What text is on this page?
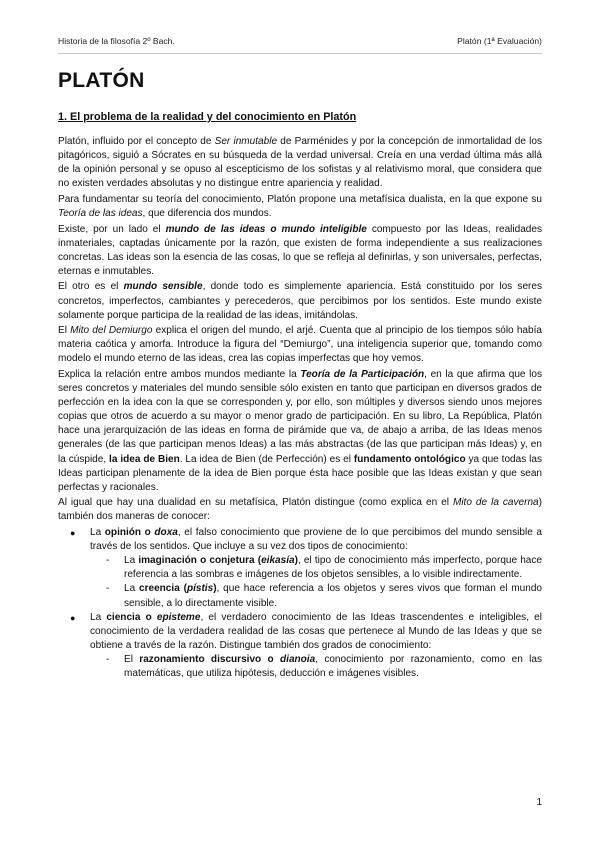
Historia de la filosofía 2º Bach.	Platón (1ª Evaluación)
PLATÓN
1. El problema de la realidad y del conocimiento en Platón

Platón, influido por el concepto de Ser inmutable de Parménides y por la concepción de inmortalidad de los pitagóricos, siguió a Sócrates en su búsqueda de la verdad universal. Creía en una verdad última más allá de la opinión personal y se opuso al escepticismo de los sofistas y al relativismo moral, que considera que no existen verdades absolutas y no distingue entre apariencia y realidad.

Para fundamentar su teoría del conocimiento, Platón propone una metafísica dualista, en la que expone su Teoría de las ideas, que diferencia dos mundos.

Existe, por un lado el mundo de las ideas o mundo inteligible compuesto por las Ideas, realidades inmateriales, captadas únicamente por la razón, que existen de forma independiente a sus realizaciones concretas. Las ideas son la esencia de las cosas, lo que se refleja al definirlas, y son universales, perfectas, eternas e inmutables.

El otro es el mundo sensible, donde todo es simplemente apariencia. Está constituido por los seres concretos, imperfectos, cambiantes y perecederos, que percibimos por los sentidos. Este mundo existe solamente porque participa de la realidad de las ideas, imitándolas.

El Mito del Demiurgo explica el origen del mundo, el arjé. Cuenta que al principio de los tiempos sólo había materia caótica y amorfa. Introduce la figura del “Demiurgo”, una inteligencia superior que, tomando como modelo el mundo eterno de las ideas, crea las copias imperfectas que hoy vemos.

Explica la relación entre ambos mundos mediante la Teoría de la Participación, en la que afirma que los seres concretos y materiales del mundo sensible sólo existen en tanto que participan en diversos grados de perfección en la idea con la que se corresponden y, por ello, son múltiples y diversos siendo unos mejores copias que otros de acuerdo a su mayor o menor grado de participación. En su libro, La República, Platón hace una jerarquización de las ideas en forma de pirámide que va, de abajo a arriba, de las Ideas menos generales (de las que participan menos Ideas) a las más abstractas (de las que participan más Ideas) y, en la cúspide, la idea de Bien. La idea de Bien (de Perfección) es el fundamento ontológico ya que todas las Ideas participan plenamente de la idea de Bien porque ésta hace posible que las Ideas existan y que sean perfectas y racionales.

Al igual que hay una dualidad en su metafísica, Platón distingue (como explica en el Mito de la caverna) también dos maneras de conocer:

● La opinión o doxa, el falso conocimiento que proviene de lo que percibimos del mundo sensible a través de los sentidos. Que incluye a su vez dos tipos de conocimiento:
- La imaginación o conjetura (eikasía), el tipo de conocimiento más imperfecto, porque hace referencia a las sombras e imágenes de los objetos sensibles, a lo visible indirectamente.
- La creencia (pístis), que hace referencia a los objetos y seres vivos que forman el mundo sensible, a lo directamente visible.
● La ciencia o episteme, el verdadero conocimiento de las Ideas trascendentes e inteligibles, el conocimiento de la verdadera realidad de las cosas que pertenece al Mundo de las Ideas y que se obtiene a través de la razón. Distingue también dos grados de conocimiento:
- El razonamiento discursivo o dianoia, conocimiento por razonamiento, como en las matemáticas, que utiliza hipótesis, deducción e imágenes visibles.
1
